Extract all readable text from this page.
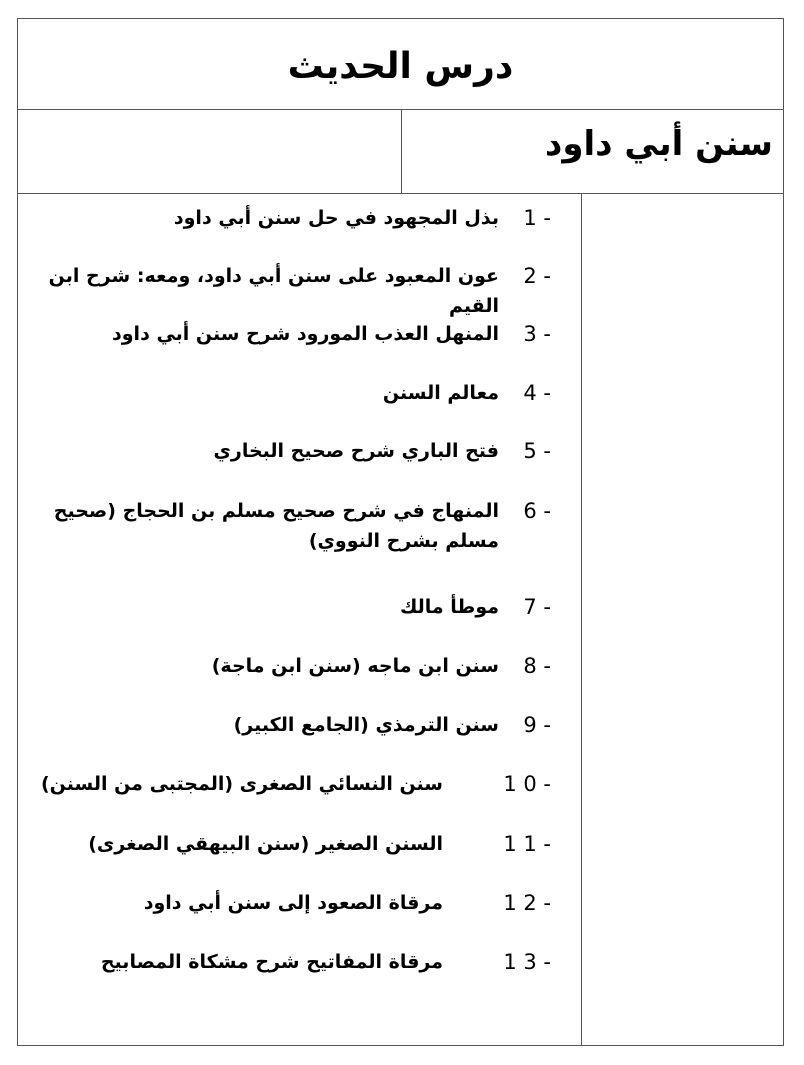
درس الحديث
سنن أبي داود
1 -
بذل المجهود في حل سنن أبي داود
2 -
عون المعبود على سنن أبي داود، ومعه: شرح ابن القيم
3 -
المنهل العذب المورود شرح سنن أبي داود
4 -
معالم السنن
5 -
فتح الباري شرح صحيح البخاري
6 -
المنهاج في شرح صحيح مسلم بن الحجاج (صحيح مسلم بشرح النووي)
7 -
موطأ مالك
8 -
سنن ابن ماجه (سنن ابن ماجة)
9 -
سنن الترمذي (الجامع الكبير)
1 0 -
سنن النسائي الصغرى (المجتبى من السنن)
1 1 -
السنن الصغير (سنن البيهقي الصغرى)
1 2 -
مرقاة الصعود إلى سنن أبي داود
1 3 -
مرقاة المفاتيح شرح مشكاة المصابيح
